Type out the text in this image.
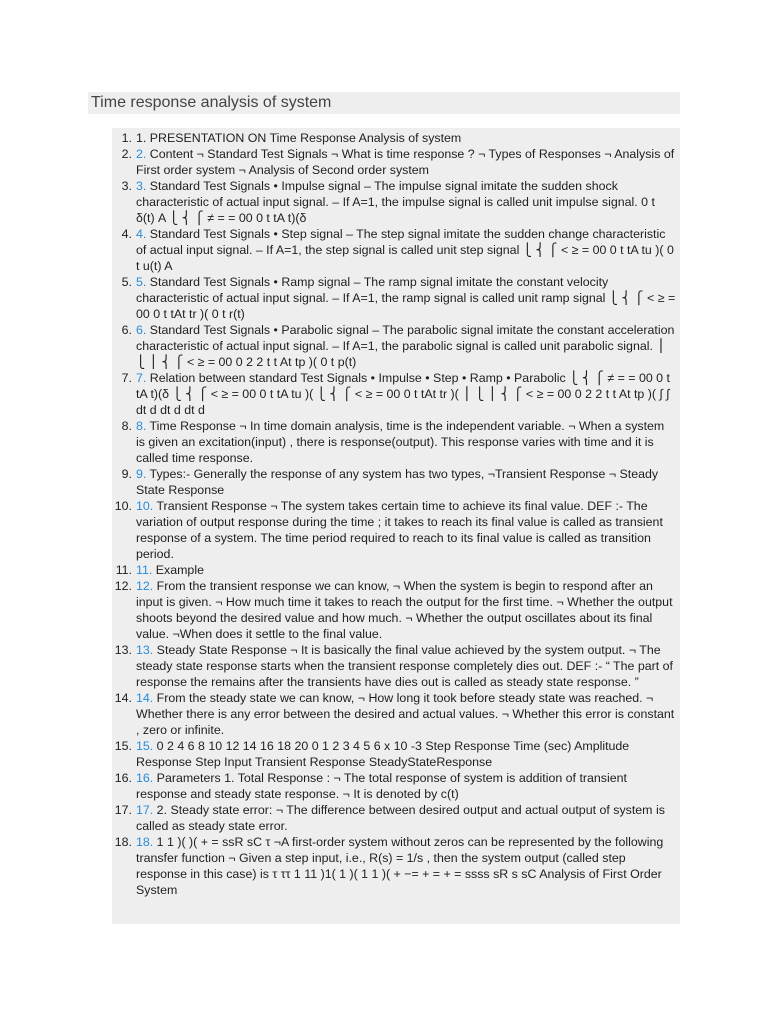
Time response analysis of system
1. 1. PRESENTATION ON Time Response Analysis of system
2. 2. Content ¬ Standard Test Signals ¬ What is time response ? ¬ Types of Responses ¬ Analysis of First order system ¬ Analysis of Second order system
3. 3. Standard Test Signals • Impulse signal – The impulse signal imitate the sudden shock characteristic of actual input signal. – If A=1, the impulse signal is called unit impulse signal. 0 t δ(t) A ⎩ ⎨ ⎧ ≠ = = 00 0 t tA t)(δ
4. 4. Standard Test Signals • Step signal – The step signal imitate the sudden change characteristic of actual input signal. – If A=1, the step signal is called unit step signal ⎩ ⎨ ⎧ < ≥ = 00 0 t tA tu )( 0 t u(t) A
5. 5. Standard Test Signals • Ramp signal – The ramp signal imitate the constant velocity characteristic of actual input signal. – If A=1, the ramp signal is called unit ramp signal ⎩ ⎨ ⎧ < ≥ = 00 0 t tAt tr )( 0 t r(t)
6. 6. Standard Test Signals • Parabolic signal – The parabolic signal imitate the constant acceleration characteristic of actual input signal. – If A=1, the parabolic signal is called unit parabolic signal. ⎪ ⎩ ⎪ ⎨ ⎧ < ≥ = 00 0 2 2 t t At tp )( 0 t p(t)
7. 7. Relation between standard Test Signals • Impulse • Step • Ramp • Parabolic ⎩ ⎨ ⎧ ≠ = = 00 0 t tA t)(δ ⎩ ⎨ ⎧ < ≥ = 00 0 t tA tu )( ⎩ ⎨ ⎧ < ≥ = 00 0 t tAt tr )( ⎪ ⎩ ⎪ ⎨ ⎧ < ≥ = 00 0 2 2 t t At tp )( ∫ ∫ dt d dt d dt d
8. 8. Time Response ¬ In time domain analysis, time is the independent variable. ¬ When a system is given an excitation(input) , there is response(output). This response varies with time and it is called time response.
9. 9. Types:- Generally the response of any system has two types, ¬Transient Response ¬ Steady State Response
10. 10. Transient Response ¬ The system takes certain time to achieve its final value. DEF :- The variation of output response during the time ; it takes to reach its final value is called as transient response of a system. The time period required to reach to its final value is called as transition period.
11. 11. Example
12. 12. From the transient response we can know, ¬ When the system is begin to respond after an input is given. ¬ How much time it takes to reach the output for the first time. ¬ Whether the output shoots beyond the desired value and how much. ¬ Whether the output oscillates about its final value. ¬When does it settle to the final value.
13. 13. Steady State Response ¬ It is basically the final value achieved by the system output. ¬ The steady state response starts when the transient response completely dies out. DEF :- “ The part of response the remains after the transients have dies out is called as steady state response. ”
14. 14. From the steady state we can know, ¬ How long it took before steady state was reached. ¬ Whether there is any error between the desired and actual values. ¬ Whether this error is constant , zero or infinite.
15. 15. 0 2 4 6 8 10 12 14 16 18 20 0 1 2 3 4 5 6 x 10 -3 Step Response Time (sec) Amplitude Response Step Input Transient Response SteadyStateResponse
16. 16. Parameters 1. Total Response : ¬ The total response of system is addition of transient response and steady state response. ¬ It is denoted by c(t)
17. 17. 2. Steady state error: ¬ The difference between desired output and actual output of system is called as steady state error.
18. 18. 1 1 )( )( + = ssR sC τ ¬A first-order system without zeros can be represented by the following transfer function ¬ Given a step input, i.e., R(s) = 1/s , then the system output (called step response in this case) is τ ττ 1 11 )1( 1 )( 1 1 )( + −= + = + = ssss sR s sC Analysis of First Order System
